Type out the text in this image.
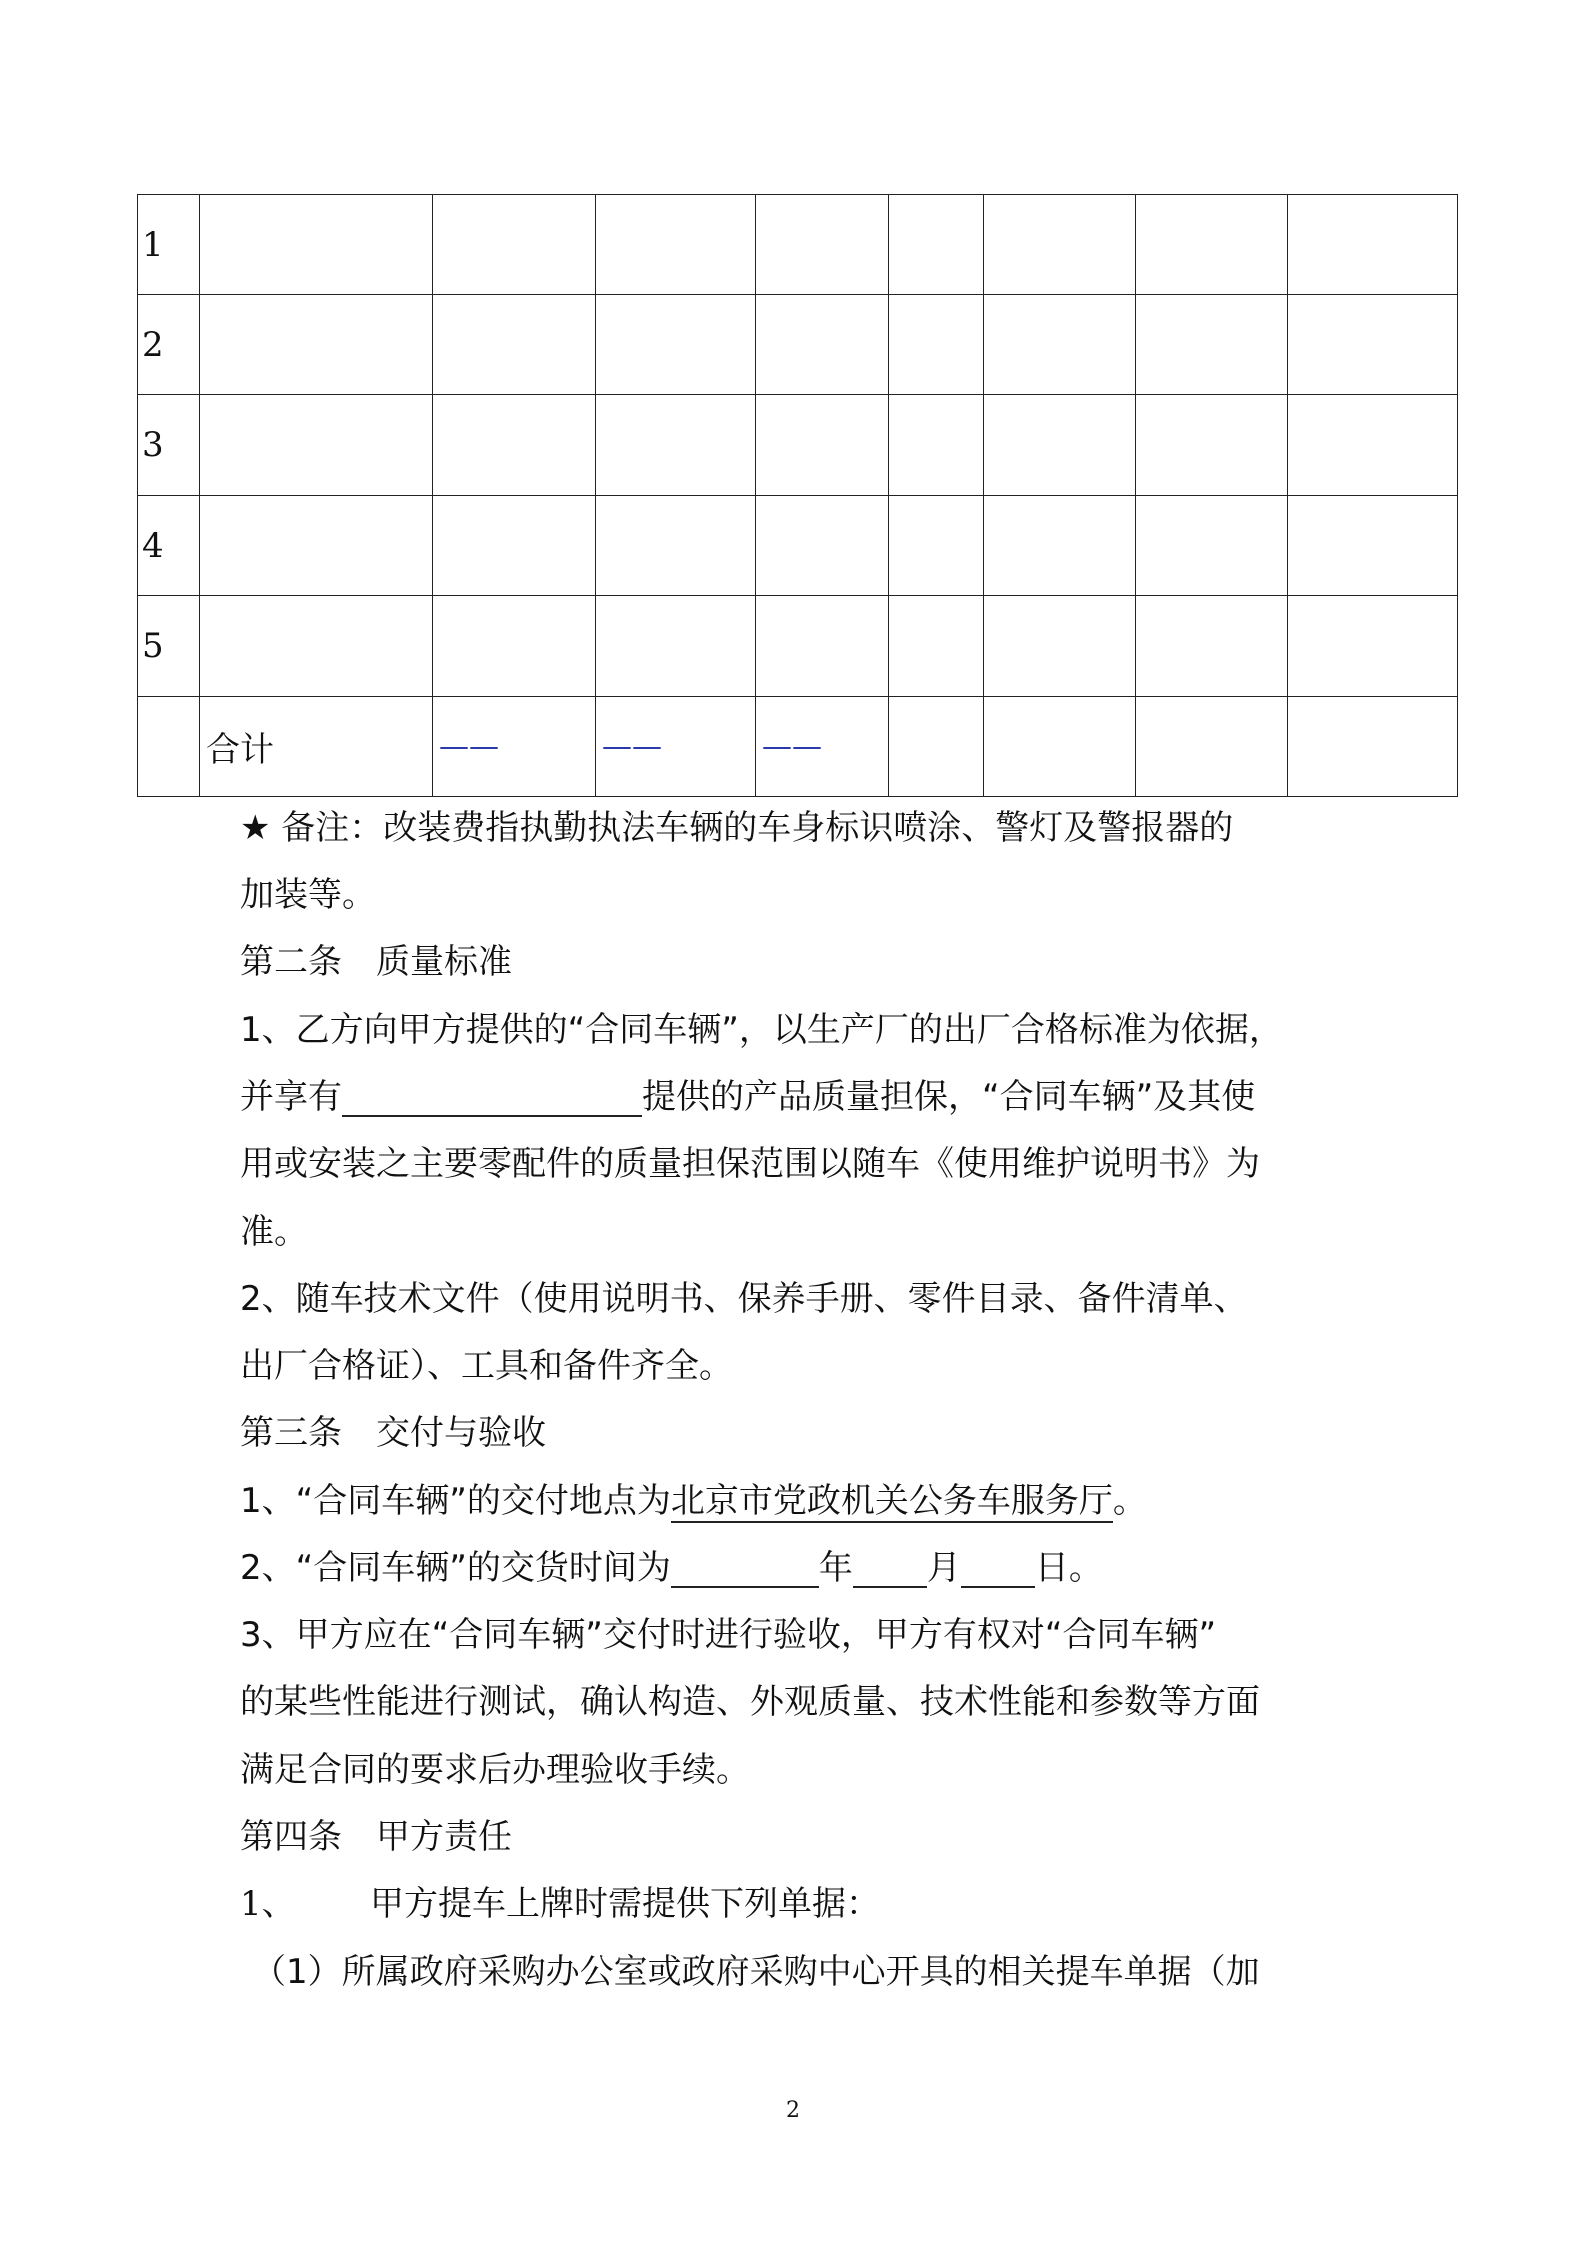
1								
2								
3								
4								
5								
	合计	——	——	——				
★ 备注：改装费指执勤执法车辆的车身标识喷涂、警灯及警报器的
加装等。
第二条　质量标准
1、乙方向甲方提供的“合同车辆”，以生产厂的出厂合格标准为依据，
并享有	提供的产品质量担保，“合同车辆”及其使
用或安装之主要零配件的质量担保范围以随车《使用维护说明书》为
准。
2、随车技术文件（使用说明书、保养手册、零件目录、备件清单、
出厂合格证）、工具和备件齐全。
第三条　交付与验收
1、“合同车辆”的交付地点为北京市党政机关公务车服务厅。
2、“合同车辆”的交货时间为	年 月 日。
3、甲方应在“合同车辆”交付时进行验收，甲方有权对“合同车辆”
的某些性能进行测试，确认构造、外观质量、技术性能和参数等方面
满足合同的要求后办理验收手续。
第四条　甲方责任
1、 甲方提车上牌时需提供下列单据：
（1）所属政府采购办公室或政府采购中心开具的相关提车单据（加
2
